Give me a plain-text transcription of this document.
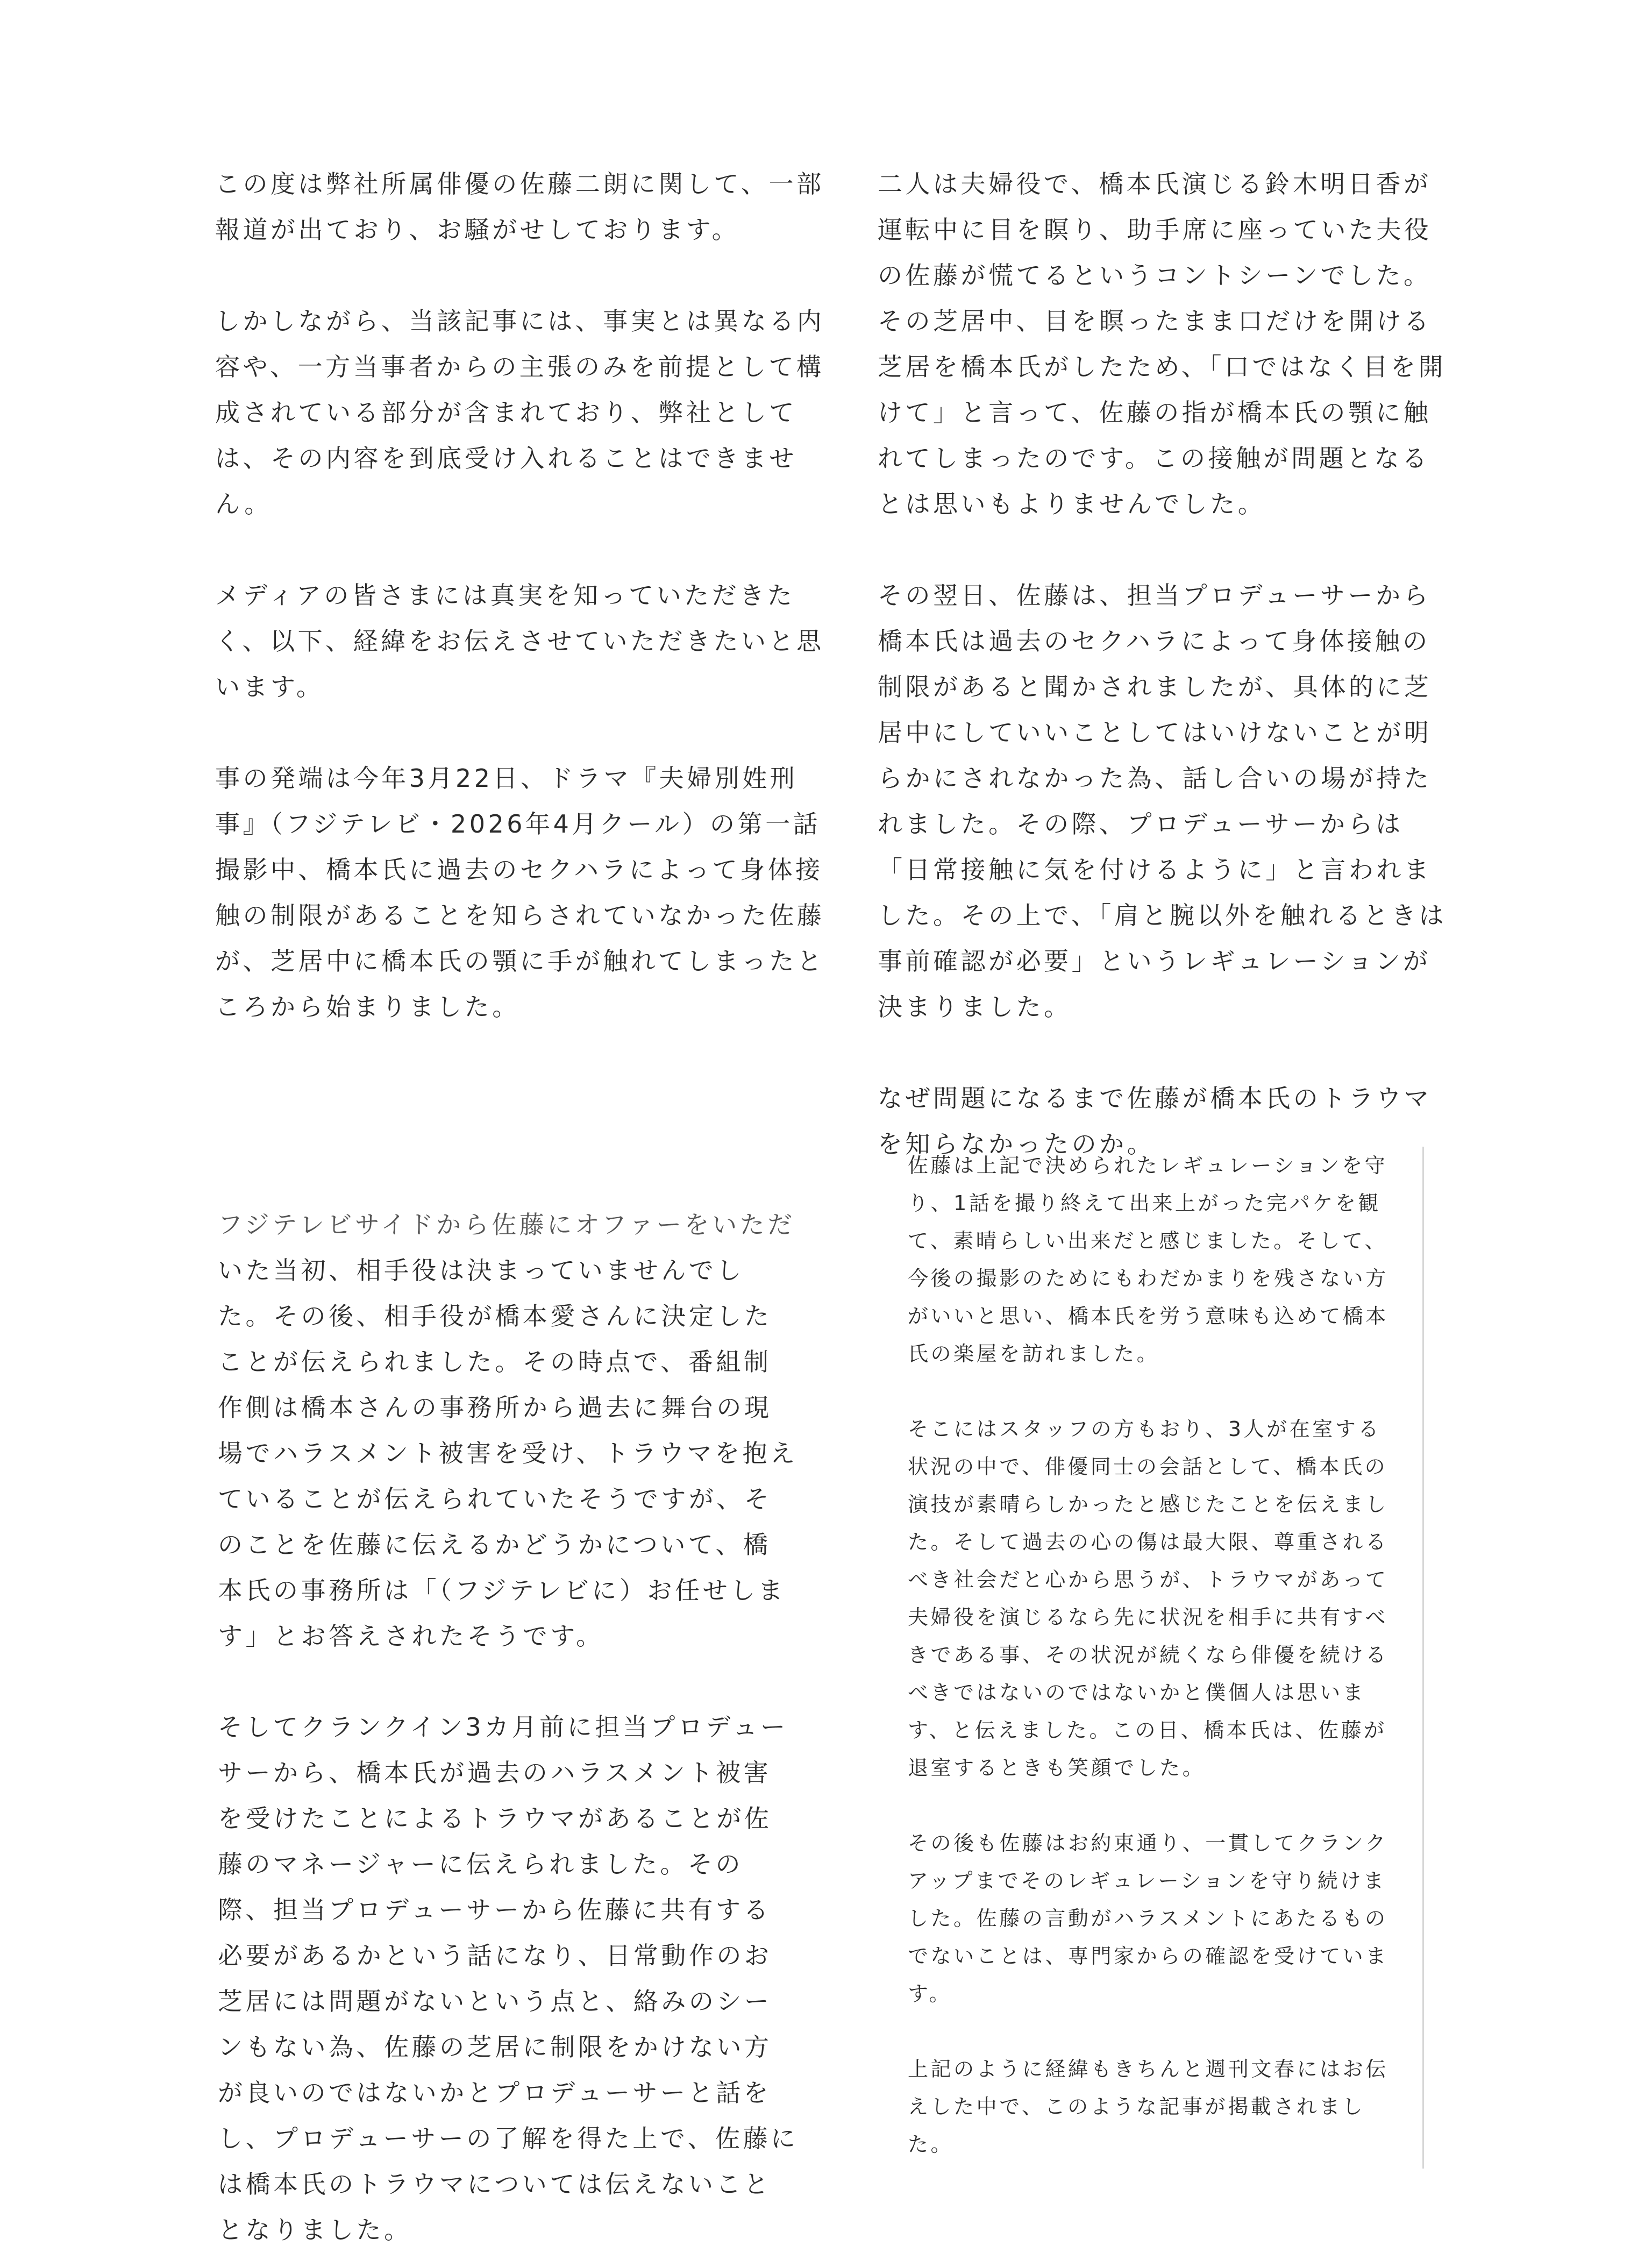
この度は弊社所属俳優の佐藤二朗に関して、一部報道が出ており、お騒がせしております。

しかしながら、当該記事には、事実とは異なる内容や、一方当事者からの主張のみを前提として構成されている部分が含まれており、弊社としては、その内容を到底受け入れることはできません。

メディアの皆さまには真実を知っていただきたく、以下、経緯をお伝えさせていただきたいと思います。

事の発端は今年3月22日、ドラマ『夫婦別姓刑事』（フジテレビ・2026年4月クール）の第一話撮影中、橋本氏に過去のセクハラによって身体接触の制限があることを知らされていなかった佐藤が、芝居中に橋本氏の顎に手が触れてしまったところから始まりました。

フジテレビサイドから佐藤にオファーをいただいた当初、相手役は決まっていませんでした。その後、相手役が橋本愛さんに決定したことが伝えられました。その時点で、番組制作側は橋本さんの事務所から過去に舞台の現場でハラスメント被害を受け、トラウマを抱えていることが伝えられていたそうですが、そのことを佐藤に伝えるかどうかについて、橋本氏の事務所は「（フジテレビに）お任せします」とお答えされたそうです。

そしてクランクイン3カ月前に担当プロデューサーから、橋本氏が過去のハラスメント被害を受けたことによるトラウマがあることが佐藤のマネージャーに伝えられました。その際、担当プロデューサーから佐藤に共有する必要があるかという話になり、日常動作のお芝居には問題がないという点と、絡みのシーンもない為、佐藤の芝居に制限をかけない方が良いのではないかとプロデューサーと話をし、プロデューサーの了解を得た上で、佐藤には橋本氏のトラウマについては伝えないこととなりました。

二人は夫婦役で、橋本氏演じる鈴木明日香が運転中に目を瞑り、助手席に座っていた夫役の佐藤が慌てるというコントシーンでした。その芝居中、目を瞑ったまま口だけを開ける芝居を橋本氏がしたため、「口ではなく目を開けて」と言って、佐藤の指が橋本氏の顎に触れてしまったのです。この接触が問題となるとは思いもよりませんでした。

その翌日、佐藤は、担当プロデューサーから橋本氏は過去のセクハラによって身体接触の制限があると聞かされましたが、具体的に芝居中にしていいことしてはいけないことが明らかにされなかった為、話し合いの場が持たれました。その際、プロデューサーからは「日常接触に気を付けるように」と言われました。その上で、「肩と腕以外を触れるときは事前確認が必要」というレギュレーションが決まりました。

なぜ問題になるまで佐藤が橋本氏のトラウマを知らなかったのか。

佐藤は上記で決められたレギュレーションを守り、1話を撮り終えて出来上がった完パケを観て、素晴らしい出来だと感じました。そして、今後の撮影のためにもわだかまりを残さない方がいいと思い、橋本氏を労う意味も込めて橋本氏の楽屋を訪れました。

そこにはスタッフの方もおり、3人が在室する状況の中で、俳優同士の会話として、橋本氏の演技が素晴らしかったと感じたことを伝えました。そして過去の心の傷は最大限、尊重されるべき社会だと心から思うが、トラウマがあって夫婦役を演じるなら先に状況を相手に共有すべきである事、その状況が続くなら俳優を続けるべきではないのではないかと僕個人は思います、と伝えました。この日、橋本氏は、佐藤が退室するときも笑顔でした。

その後も佐藤はお約束通り、一貫してクランクアップまでそのレギュレーションを守り続けました。佐藤の言動がハラスメントにあたるものでないことは、専門家からの確認を受けています。

上記のように経緯もきちんと週刊文春にはお伝えした中で、このような記事が掲載されました。
